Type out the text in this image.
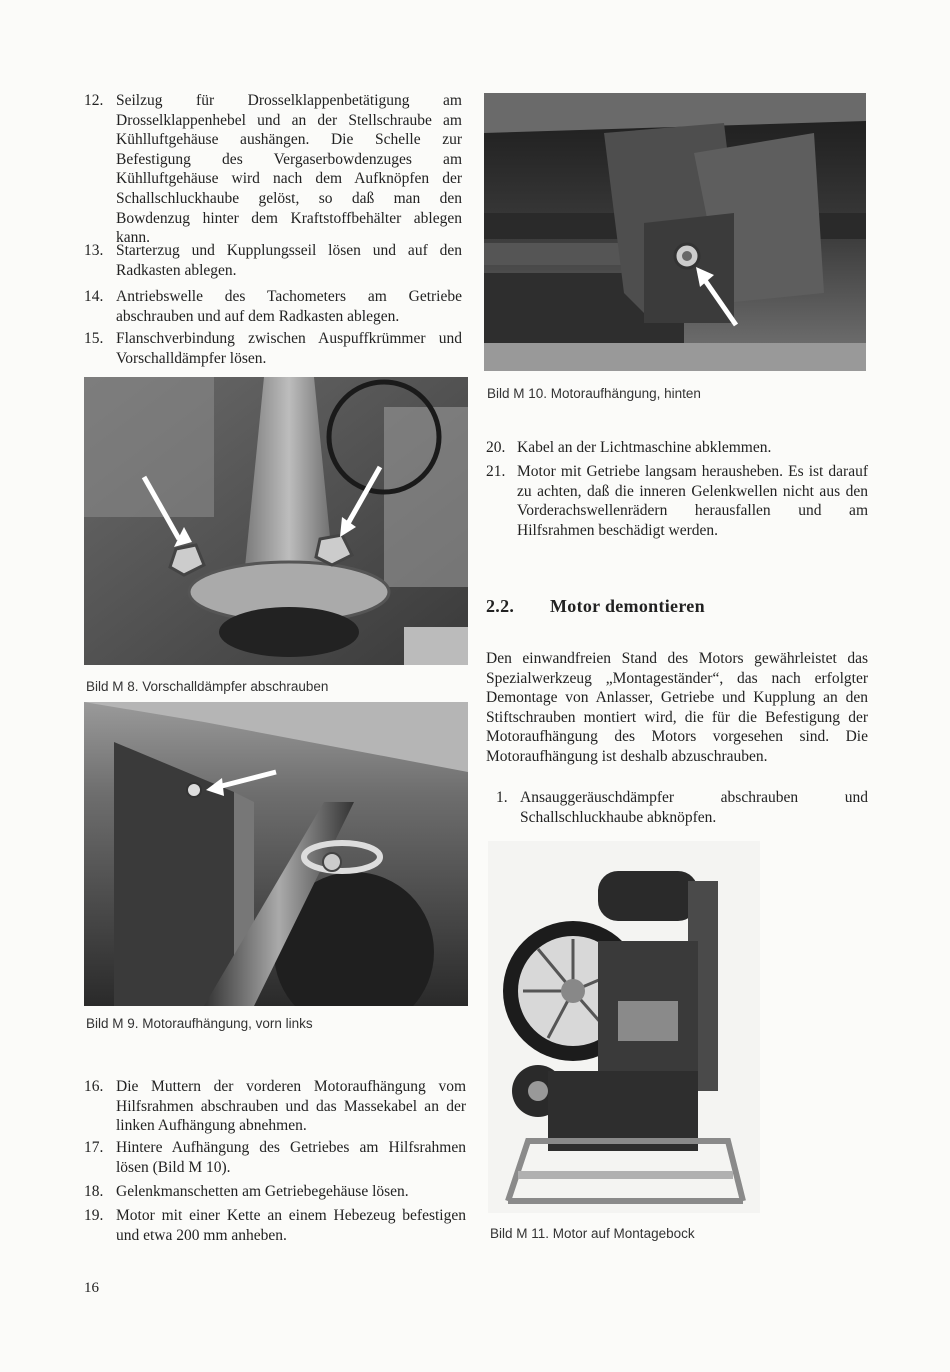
12. Seilzug für Drosselklappenbetätigung am Drosselklappenhebel und an der Stellschraube am Kühlluftgehäuse aushängen. Die Schelle zur Befestigung des Vergaserbowdenzuges am Kühlluftgehäuse wird nach dem Aufknöpfen der Schallschluckhaube gelöst, so daß man den Bowdenzug hinter dem Kraftstoffbehälter ablegen kann.
13. Starterzug und Kupplungsseil lösen und auf den Radkasten ablegen.
14. Antriebswelle des Tachometers am Getriebe abschrauben und auf dem Radkasten ablegen.
15. Flanschverbindung zwischen Auspuffkrümmer und Vorschalldämpfer lösen.
Bild M 8. Vorschalldämpfer abschrauben
Bild M 9. Motoraufhängung, vorn links
16. Die Muttern der vorderen Motoraufhängung vom Hilfsrahmen abschrauben und das Massekabel an der linken Aufhängung abnehmen.
17. Hintere Aufhängung des Getriebes am Hilfsrahmen lösen (Bild M 10).
18. Gelenkmanschetten am Getriebegehäuse lösen.
19. Motor mit einer Kette an einem Hebezeug befestigen und etwa 200 mm anheben.
Bild M 10. Motoraufhängung, hinten
20. Kabel an der Lichtmaschine abklemmen.
21. Motor mit Getriebe langsam herausheben. Es ist darauf zu achten, daß die inneren Gelenkwellen nicht aus den Vorderachswellenrädern herausfallen und am Hilfsrahmen beschädigt werden.
2.2. Motor demontieren
Den einwandfreien Stand des Motors gewährleistet das Spezialwerkzeug „Montageständer“, das nach erfolgter Demontage von Anlasser, Getriebe und Kupplung an den Stiftschrauben montiert wird, die für die Befestigung der Motoraufhängung des Motors vorgesehen sind. Die Motoraufhängung ist deshalb abzuschrauben.
1. Ansauggeräuschdämpfer abschrauben und Schallschluckhaube abknöpfen.
Bild M 11. Motor auf Montagebock
16
